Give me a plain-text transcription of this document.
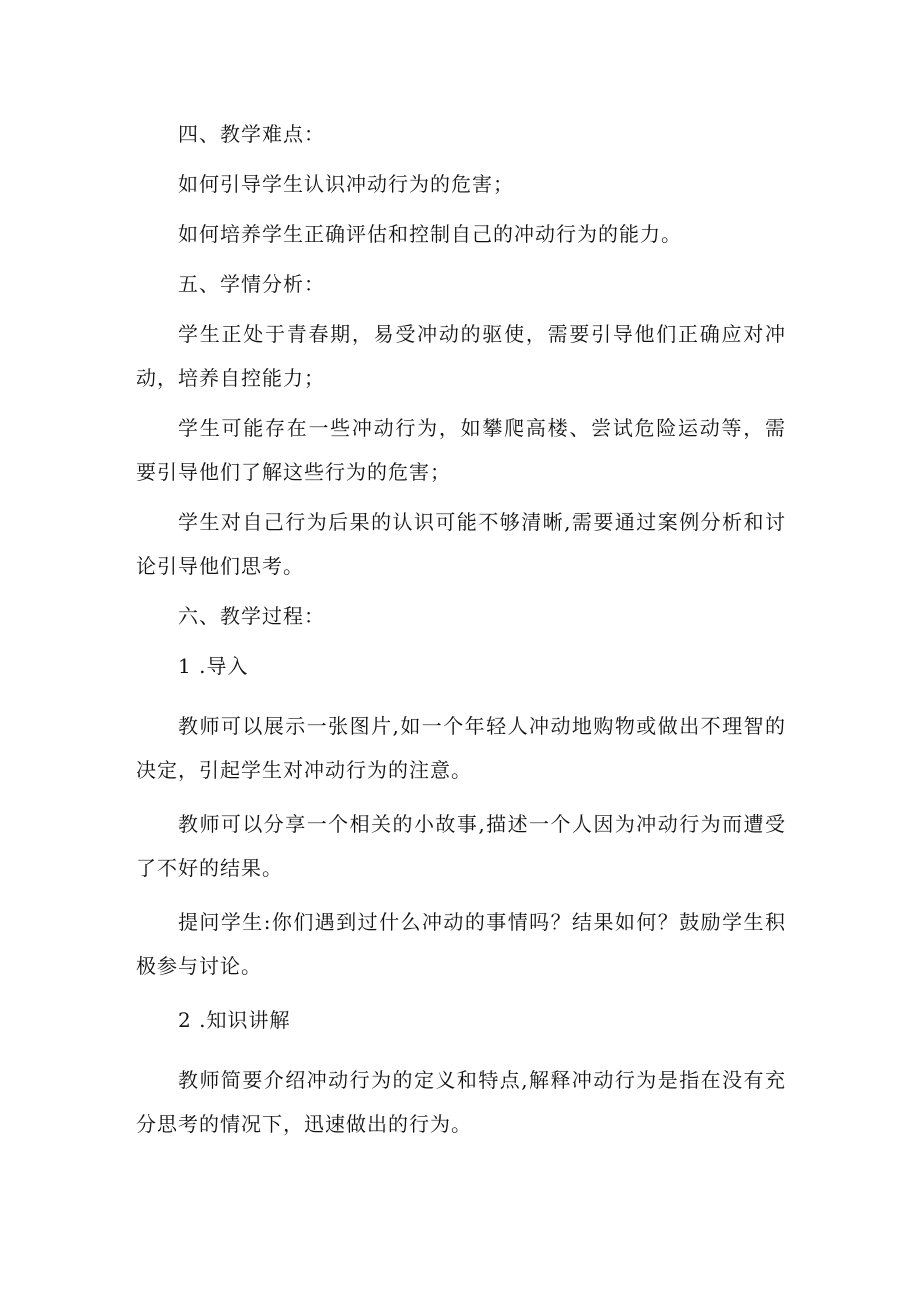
四、教学难点：

如何引导学生认识冲动行为的危害；

如何培养学生正确评估和控制自己的冲动行为的能力。

五、学情分析：

学生正处于青春期，易受冲动的驱使，需要引导他们正确应对冲动，培养自控能力；

学生可能存在一些冲动行为，如攀爬高楼、尝试危险运动等，需要引导他们了解这些行为的危害；

学生对自己行为后果的认识可能不够清晰,需要通过案例分析和讨论引导他们思考。

六、教学过程：

1 .导入

教师可以展示一张图片,如一个年轻人冲动地购物或做出不理智的决定，引起学生对冲动行为的注意。

教师可以分享一个相关的小故事,描述一个人因为冲动行为而遭受了不好的结果。

提问学生:你们遇到过什么冲动的事情吗？结果如何？鼓励学生积极参与讨论。

2 .知识讲解

教师简要介绍冲动行为的定义和特点,解释冲动行为是指在没有充分思考的情况下，迅速做出的行为。
